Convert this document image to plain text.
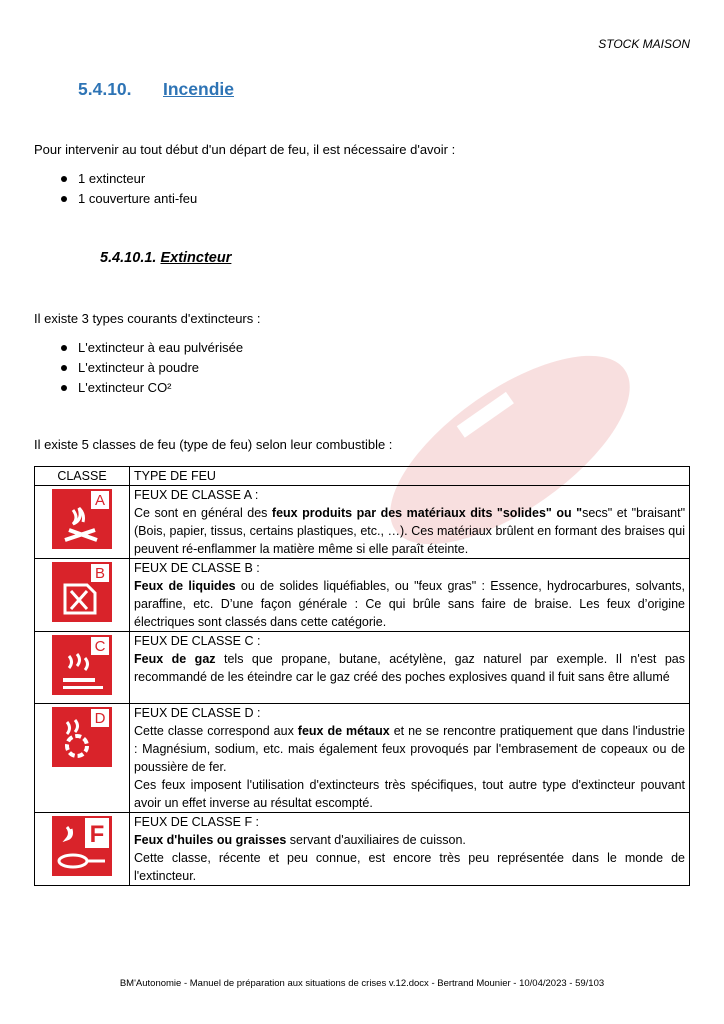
STOCK MAISON
5.4.10. Incendie
Pour intervenir au tout début d'un départ de feu, il est nécessaire d'avoir :
1 extincteur
1 couverture anti-feu
5.4.10.1. Extincteur
Il existe 3 types courants d'extincteurs :
L'extincteur à eau pulvérisée
L'extincteur à poudre
L'extincteur CO²
Il existe 5 classes de feu (type de feu) selon leur combustible :
CLASSE	TYPE DE FEU

A	FEUX DE CLASSE A :
Ce sont en général des feux produits par des matériaux dits "solides" ou "secs" et "braisant" (Bois, papier, tissus, certains plastiques, etc., …). Ces matériaux brûlent en formant des braises qui peuvent ré-enflammer la matière même si elle paraît éteinte.

B	FEUX DE CLASSE B :
Feux de liquides ou de solides liquéfiables, ou "feux gras" : Essence, hydrocarbures, solvants, paraffine, etc. D’une façon générale : Ce qui brûle sans faire de braise. Les feux d’origine électriques sont classés dans cette catégorie.

C	FEUX DE CLASSE C :
Feux de gaz tels que propane, butane, acétylène, gaz naturel par exemple. Il n'est pas recommandé de les éteindre car le gaz créé des poches explosives quand il fuit sans être allumé

D	FEUX DE CLASSE D :
Cette classe correspond aux feux de métaux et ne se rencontre pratiquement que dans l'industrie : Magnésium, sodium, etc. mais également feux provoqués par l'embrasement de copeaux ou de poussière de fer.
Ces feux imposent l'utilisation d'extincteurs très spécifiques, tout autre type d'extincteur pouvant avoir un effet inverse au résultat escompté.

F	FEUX DE CLASSE F :
Feux d'huiles ou graisses servant d'auxiliaires de cuisson.
Cette classe, récente et peu connue, est encore très peu représentée dans le monde de l'extincteur.
BM'Autonomie - Manuel de préparation aux situations de crises v.12.docx - Bertrand Mounier - 10/04/2023 - 59/103
